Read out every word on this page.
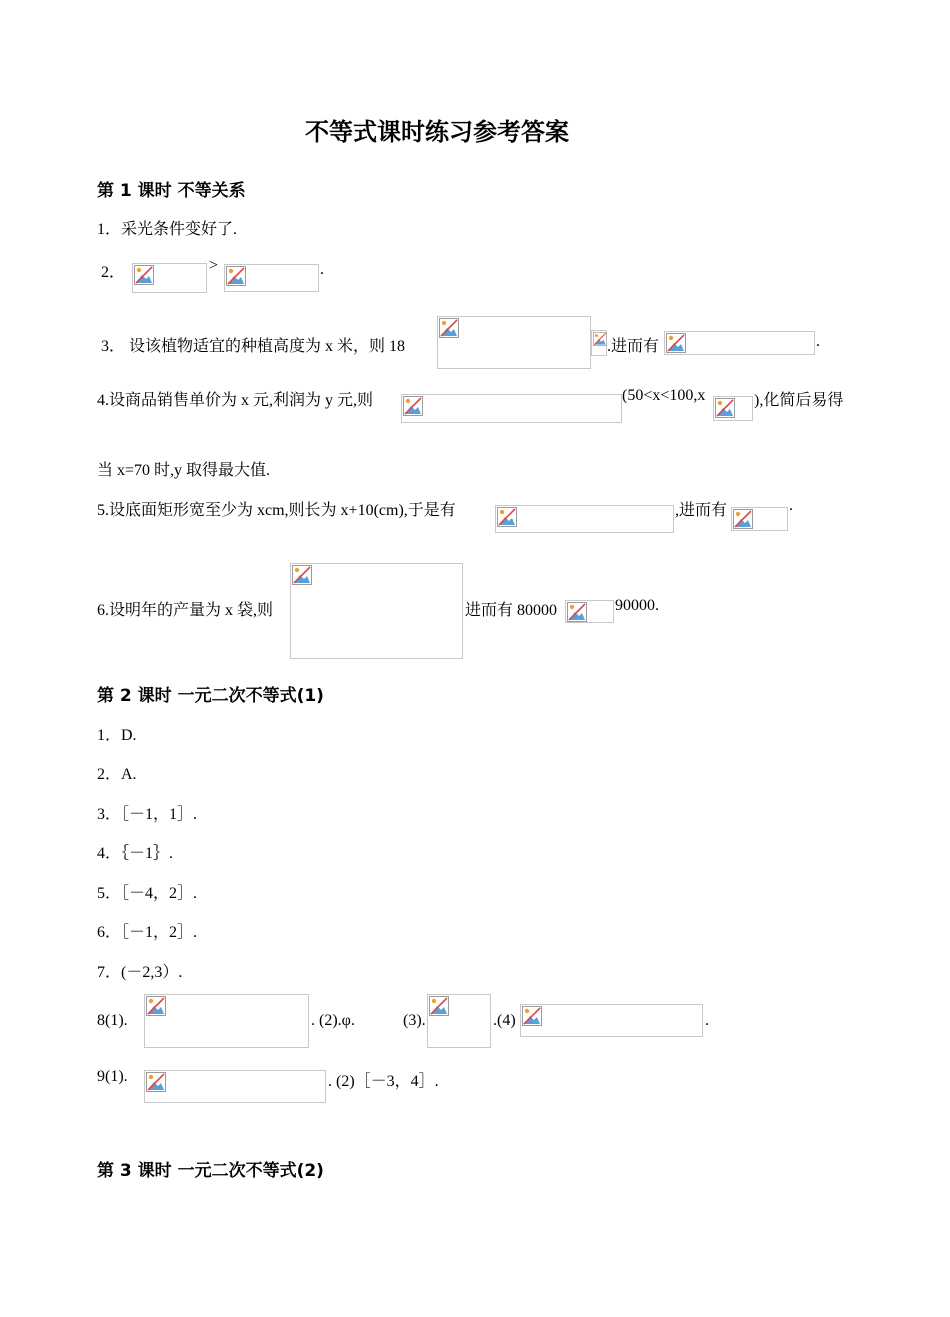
不等式课时练习参考答案
第 1 课时 不等关系
1．采光条件变好了.
2．	>	.
3． 设该植物适宜的种植高度为 x 米，则 18	.进而有	.
4.设商品销售单价为 x 元,利润为 y 元,则	(50<x<100,x	),化简后易得
当 x=70 时,y 取得最大值.
5.设底面矩形宽至少为 xcm,则长为 x+10(cm),于是有	,进而有	.
6.设明年的产量为 x 袋,则	进而有 80000	90000.
第 2 课时 一元二次不等式(1)
1．D.
2．A.
3．［－1，1］.
4．｛－1｝.
5．［－4，2］.
6．［－1，2］.
7．(－2,3）.
8(1).	. (2).φ.	(3).	.(4)	.
9(1).	. (2)［－3，4］.
第 3 课时 一元二次不等式(2)
